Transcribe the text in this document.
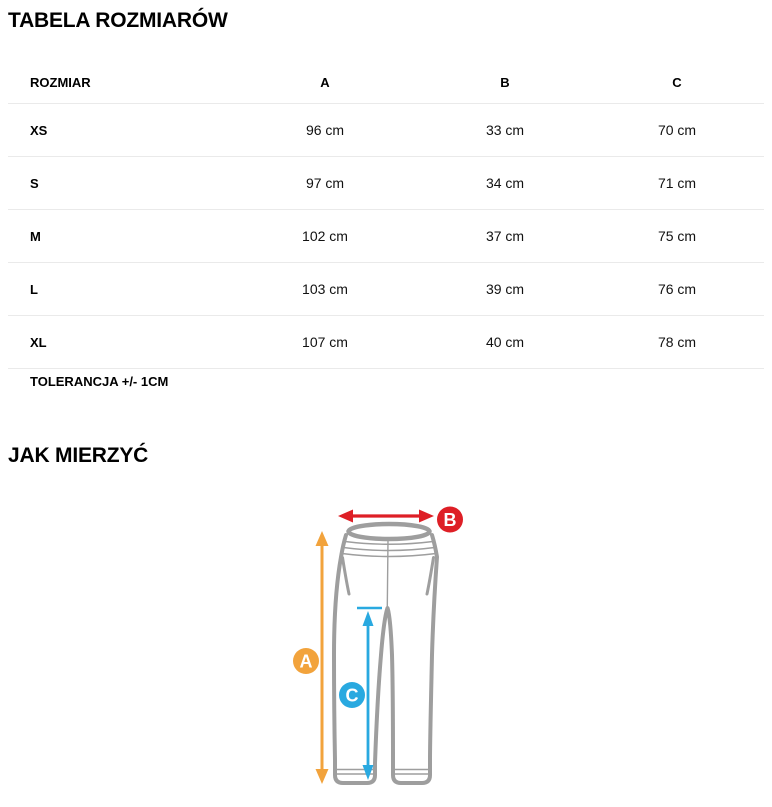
TABELA ROZMIARÓW
ROZMIAR	A	B	C
XS	96 cm	33 cm	70 cm
S	97 cm	34 cm	71 cm
M	102 cm	37 cm	75 cm
L	103 cm	39 cm	76 cm
XL	107 cm	40 cm	78 cm
TOLERANCJA +/- 1CM
JAK MIERZYĆ
B
A
C
